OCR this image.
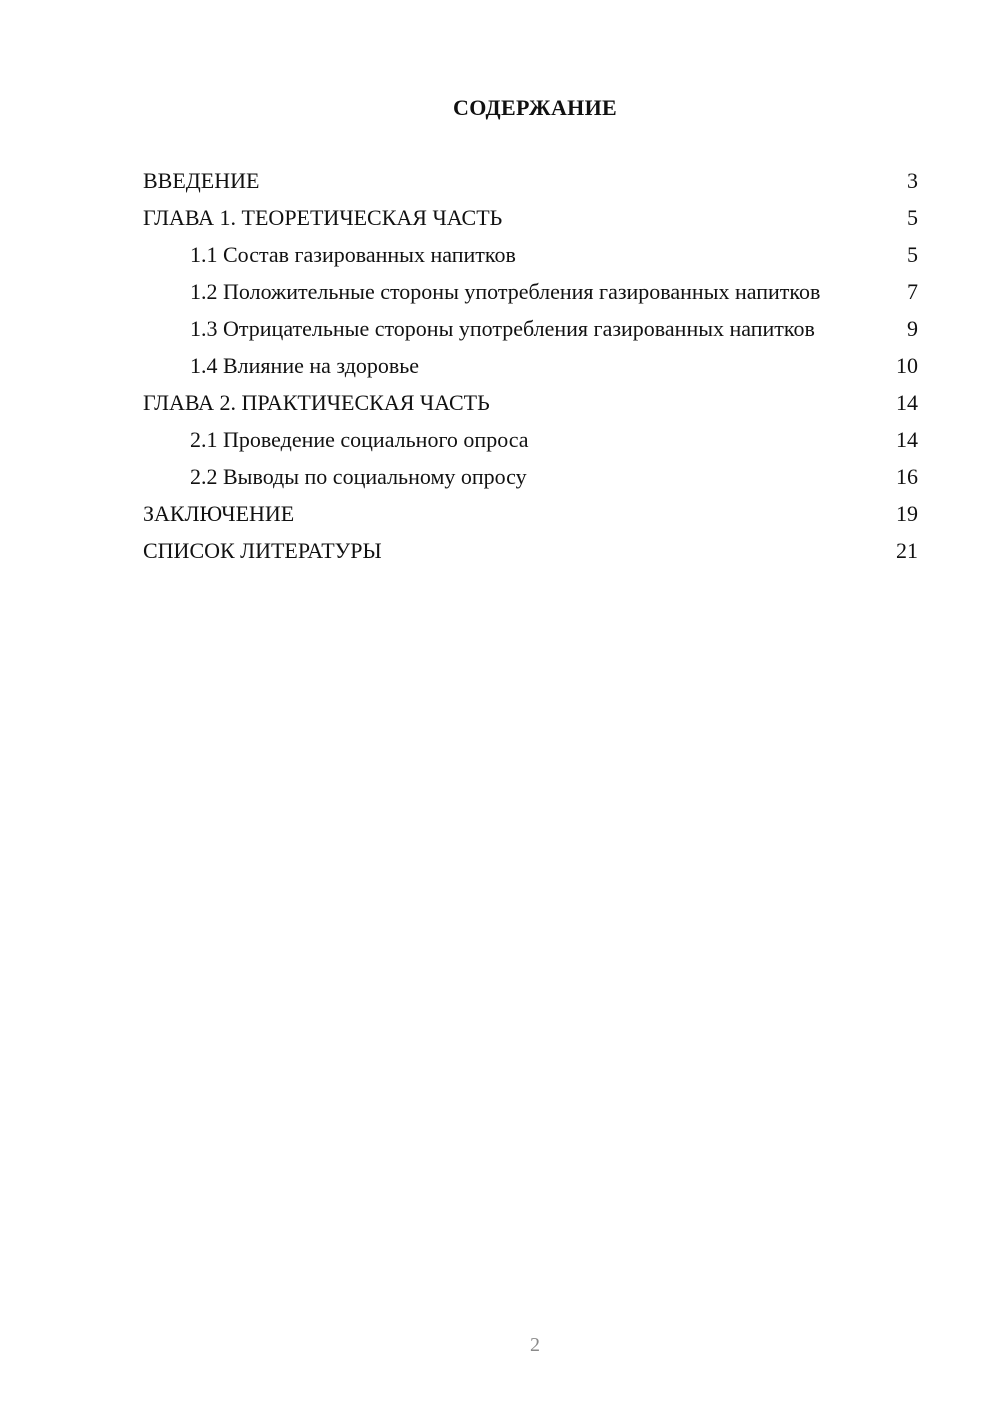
СОДЕРЖАНИЕ
ВВЕДЕНИЕ	3
ГЛАВА 1. ТЕОРЕТИЧЕСКАЯ ЧАСТЬ	5
1.1 Состав газированных напитков	5
1.2 Положительные стороны употребления газированных напитков	7
1.3 Отрицательные стороны употребления газированных напитков	9
1.4 Влияние на здоровье	10
ГЛАВА 2. ПРАКТИЧЕСКАЯ ЧАСТЬ	14
2.1 Проведение социального опроса	14
2.2 Выводы по социальному опросу	16
ЗАКЛЮЧЕНИЕ	19
СПИСОК ЛИТЕРАТУРЫ	21
2
